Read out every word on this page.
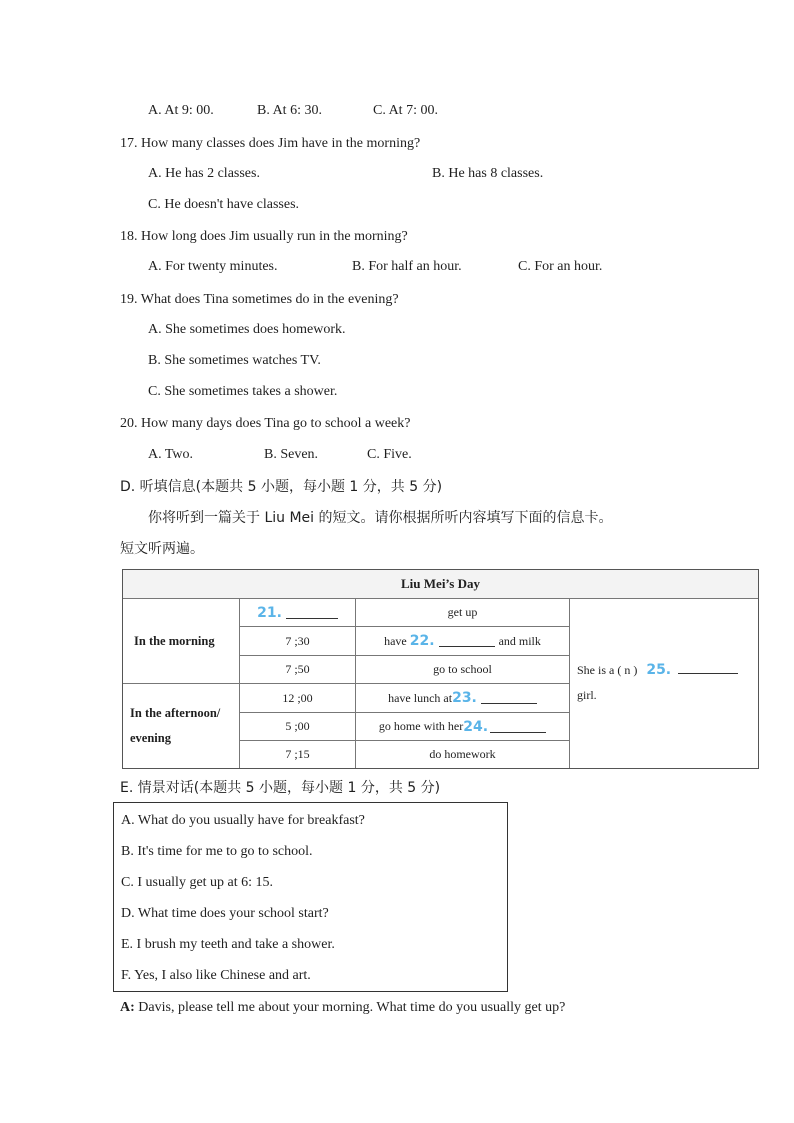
A. At 9: 00.	B. At 6: 30.	C. At 7: 00.
17. How many classes does Jim have in the morning?
A. He has 2 classes.	B. He has 8 classes.
C. He doesn't have classes.
18. How long does Jim usually run in the morning?
A. For twenty minutes.	B. For half an hour.	C. For an hour.
19. What does Tina sometimes do in the evening?
A. She sometimes does homework.
B. She sometimes watches TV.
C. She sometimes takes a shower.
20. How many days does Tina go to school a week?
A. Two.	B. Seven.	C. Five.
D. 听填信息(本题共 5 小题，每小题 1 分，共 5 分)
你将听到一篇关于 Liu Mei 的短文。请你根据所听内容填写下面的信息卡。
短文听两遍。
Liu Mei’s Day
In the morning
In the afternoon/
evening
21.	get up
7 ;30	have 22.	and milk
7 ;50	go to school
12 ;00	have lunch at 23.
5 ;00	go home with her 24.
7 ;15	do homework
She is a ( n ) 25.
girl.
E. 情景对话(本题共 5 小题，每小题 1 分，共 5 分)
A. What do you usually have for breakfast?
B. It's time for me to go to school.
C. I usually get up at 6: 15.
D. What time does your school start?
E. I brush my teeth and take a shower.
F. Yes, I also like Chinese and art.
A: Davis, please tell me about your morning. What time do you usually get up?
